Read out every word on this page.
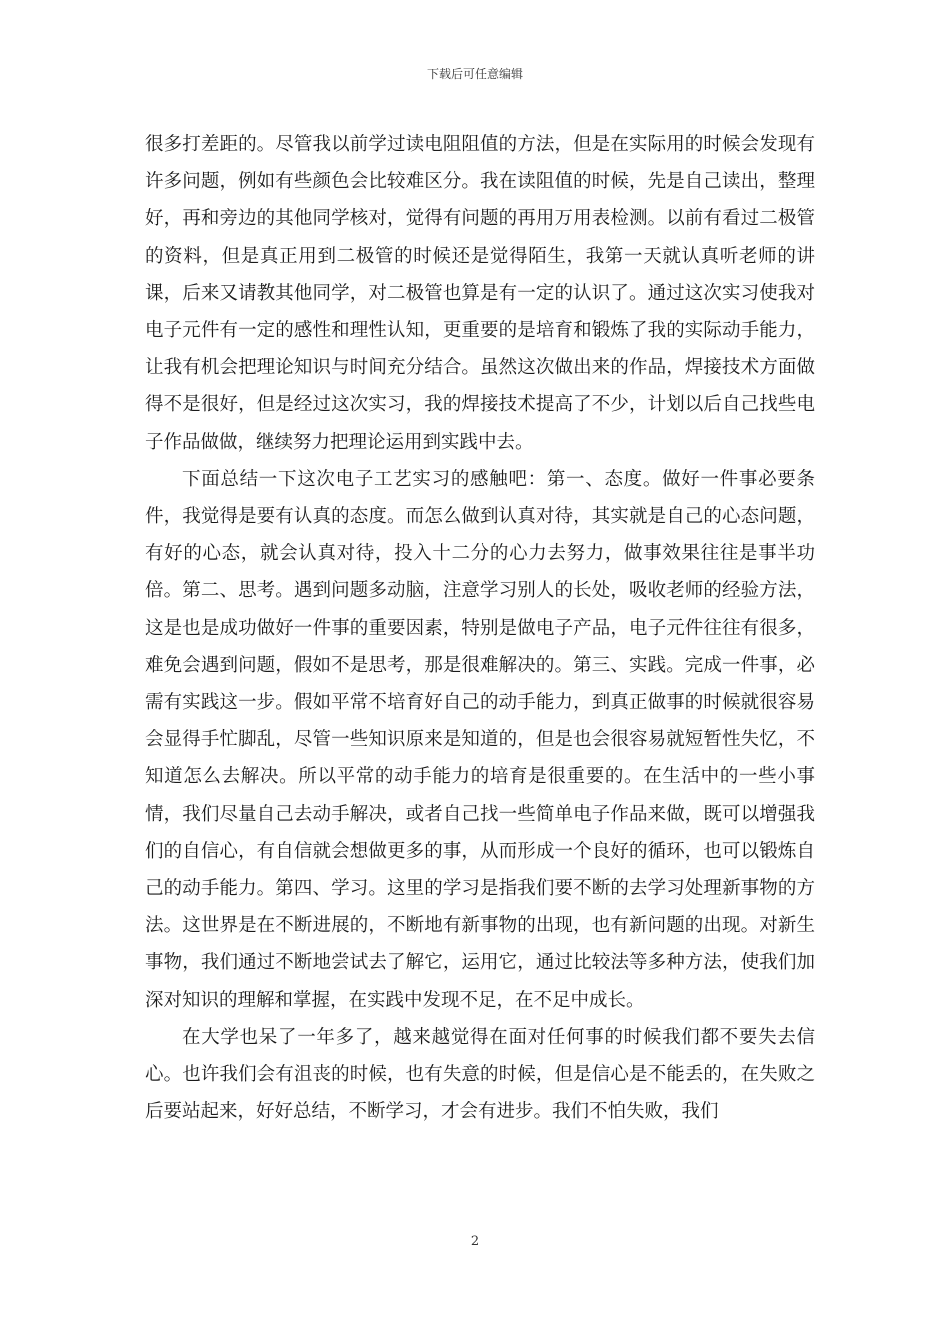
下载后可任意编辑

很多打差距的。尽管我以前学过读电阻阻值的方法，但是在实际用的时候会发现有许多问题，例如有些颜色会比较难区分。我在读阻值的时候，先是自己读出，整理好，再和旁边的其他同学核对，觉得有问题的再用万用表检测。以前有看过二极管的资料，但是真正用到二极管的时候还是觉得陌生，我第一天就认真听老师的讲课，后来又请教其他同学，对二极管也算是有一定的认识了。通过这次实习使我对电子元件有一定的感性和理性认知，更重要的是培育和锻炼了我的实际动手能力，让我有机会把理论知识与时间充分结合。虽然这次做出来的作品，焊接技术方面做得不是很好，但是经过这次实习，我的焊接技术提高了不少，计划以后自己找些电子作品做做，继续努力把理论运用到实践中去。

下面总结一下这次电子工艺实习的感触吧：第一、态度。做好一件事必要条件，我觉得是要有认真的态度。而怎么做到认真对待，其实就是自己的心态问题，有好的心态，就会认真对待，投入十二分的心力去努力，做事效果往往是事半功倍。第二、思考。遇到问题多动脑，注意学习别人的长处，吸收老师的经验方法，这是也是成功做好一件事的重要因素，特别是做电子产品，电子元件往往有很多，难免会遇到问题，假如不是思考，那是很难解决的。第三、实践。完成一件事，必需有实践这一步。假如平常不培育好自己的动手能力，到真正做事的时候就很容易会显得手忙脚乱，尽管一些知识原来是知道的，但是也会很容易就短暂性失忆，不知道怎么去解决。所以平常的动手能力的培育是很重要的。在生活中的一些小事情，我们尽量自己去动手解决，或者自己找一些简单电子作品来做，既可以增强我们的自信心，有自信就会想做更多的事，从而形成一个良好的循环，也可以锻炼自己的动手能力。第四、学习。这里的学习是指我们要不断的去学习处理新事物的方法。这世界是在不断进展的，不断地有新事物的出现，也有新问题的出现。对新生事物，我们通过不断地尝试去了解它，运用它，通过比较法等多种方法，使我们加深对知识的理解和掌握，在实践中发现不足，在不足中成长。

在大学也呆了一年多了，越来越觉得在面对任何事的时候我们都不要失去信心。也许我们会有沮丧的时候，也有失意的时候，但是信心是不能丢的，在失败之后要站起来，好好总结，不断学习，才会有进步。我们不怕失败，我们

2
